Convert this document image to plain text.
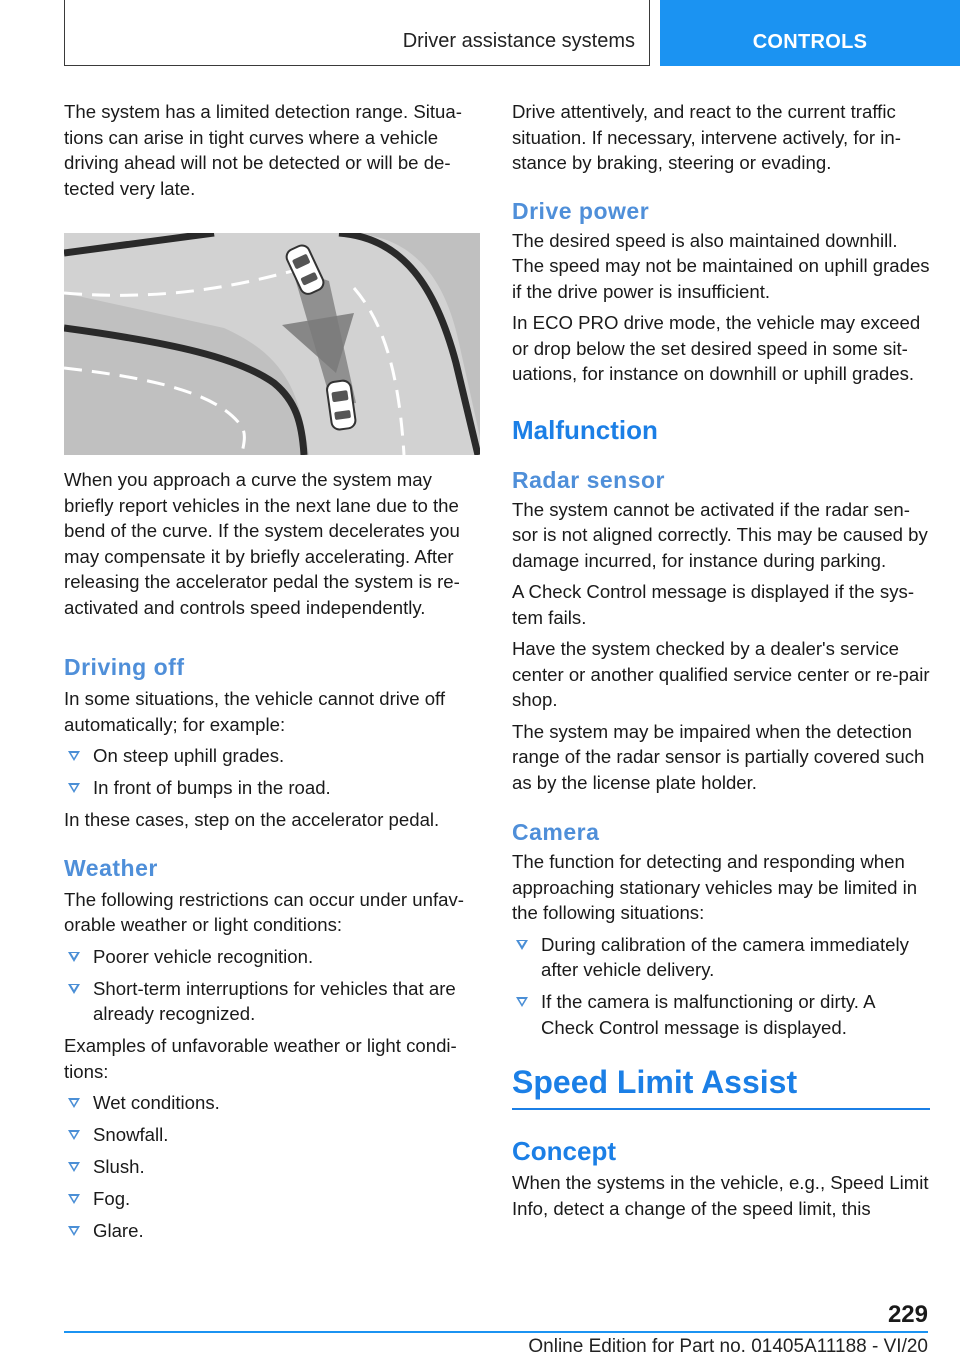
Driver assistance systems	CONTROLS

The system has a limited detection range. Situa-tions can arise in tight curves where a vehicle driving ahead will not be detected or will be de-tected very late.

When you approach a curve the system may briefly report vehicles in the next lane due to the bend of the curve. If the system decelerates you may compensate it by briefly accelerating. After releasing the accelerator pedal the system is re-activated and controls speed independently.

Driving off

In some situations, the vehicle cannot drive off automatically; for example:

On steep uphill grades.
In front of bumps in the road.

In these cases, step on the accelerator pedal.

Weather

The following restrictions can occur under unfav-orable weather or light conditions:

Poorer vehicle recognition.
Short-term interruptions for vehicles that are already recognized.

Examples of unfavorable weather or light condi-tions:

Wet conditions.
Snowfall.
Slush.
Fog.
Glare.

Drive attentively, and react to the current traffic situation. If necessary, intervene actively, for in-stance by braking, steering or evading.

Drive power

The desired speed is also maintained downhill. The speed may not be maintained on uphill grades if the drive power is insufficient.

In ECO PRO drive mode, the vehicle may exceed or drop below the set desired speed in some sit-uations, for instance on downhill or uphill grades.

Malfunction
Radar sensor

The system cannot be activated if the radar sen-sor is not aligned correctly. This may be caused by damage incurred, for instance during parking.

A Check Control message is displayed if the sys-tem fails.

Have the system checked by a dealer's service center or another qualified service center or re-pair shop.

The system may be impaired when the detection range of the radar sensor is partially covered such as by the license plate holder.

Camera

The function for detecting and responding when approaching stationary vehicles may be limited in the following situations:

During calibration of the camera immediately after vehicle delivery.
If the camera is malfunctioning or dirty. A Check Control message is displayed.
Speed Limit Assist
Concept

When the systems in the vehicle, e.g., Speed Limit Info, detect a change of the speed limit, this

229
Online Edition for Part no. 01405A11188 - VI/20
